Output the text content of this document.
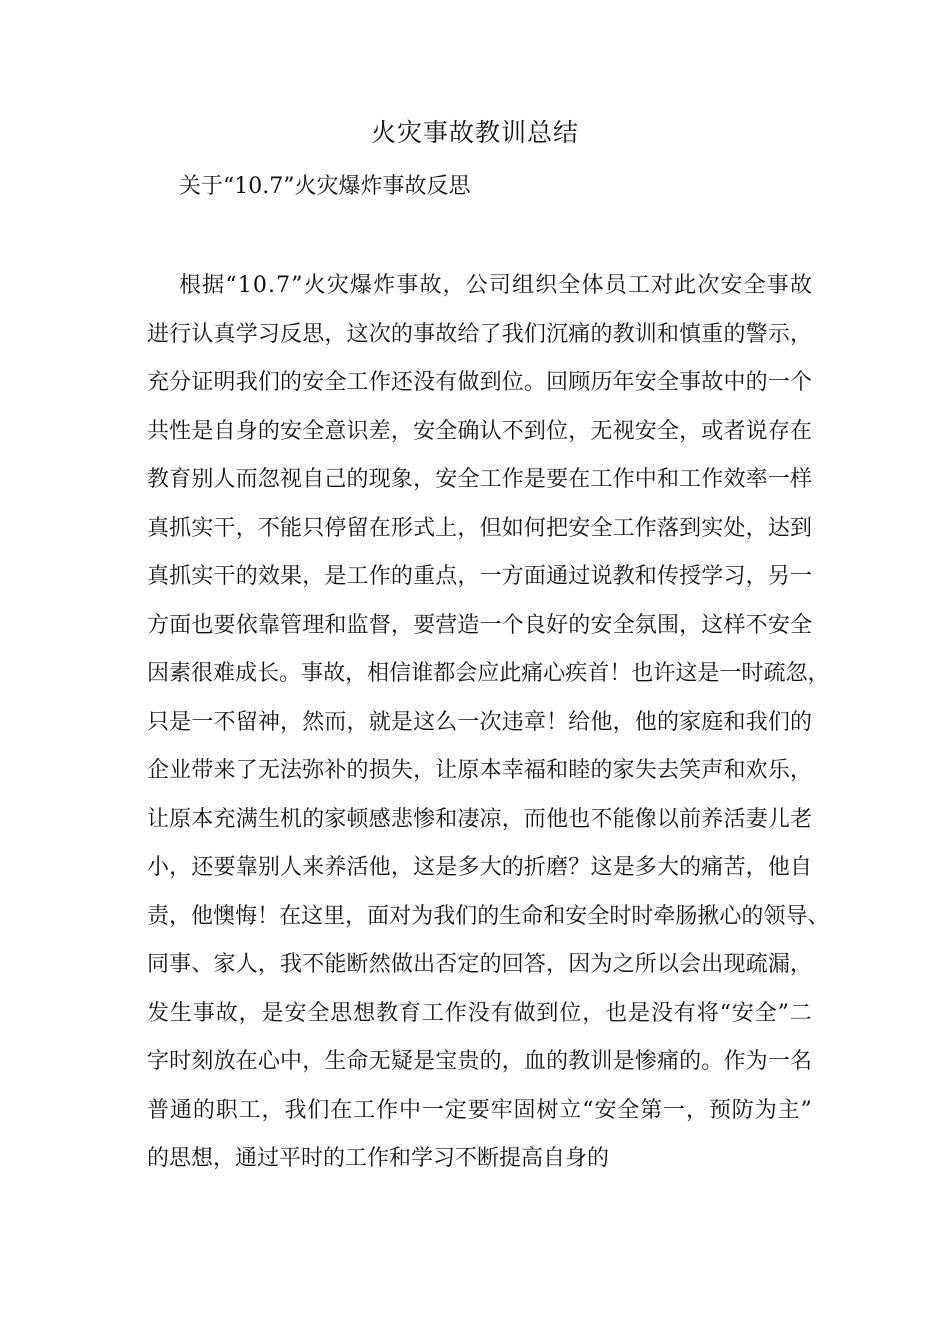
火灾事故教训总结
关于“10.7”火灾爆炸事故反思
根 据 “ 1 0 . 7 ” 火 灾 爆 炸 事 故 ， 公 司 组 织 全 体 员 工 对 此 次 安 全 事 故
进 行 认 真 学 习 反 思 ， 这 次 的 事 故 给 了 我 们 沉 痛 的 教 训 和 慎 重 的 警 示 ，
充 分 证 明 我 们 的 安 全 工 作 还 没 有 做 到 位 。 回 顾 历 年 安 全 事 故 中 的 一 个
共 性 是 自 身 的 安 全 意 识 差 ， 安 全 确 认 不 到 位 ， 无 视 安 全 ， 或 者 说 存 在
教 育 别 人 而 忽 视 自 己 的 现 象 ， 安 全 工 作 是 要 在 工 作 中 和 工 作 效 率 一 样
真 抓 实 干 ， 不 能 只 停 留 在 形 式 上 ， 但 如 何 把 安 全 工 作 落 到 实 处 ， 达 到
真 抓 实 干 的 效 果 ， 是 工 作 的 重 点 ， 一 方 面 通 过 说 教 和 传 授 学 习 ， 另 一
方 面 也 要 依 靠 管 理 和 监 督 ， 要 营 造 一 个 良 好 的 安 全 氛 围 ， 这 样 不 安 全
因 素 很 难 成 长 。 事 故 ， 相 信 谁 都 会 应 此 痛 心 疾 首 ！ 也 许 这 是 一 时 疏 忽 ，
只 是 一 不 留 神 ， 然 而 ， 就 是 这 么 一 次 违 章 ！ 给 他 ， 他 的 家 庭 和 我 们 的
企 业 带 来 了 无 法 弥 补 的 损 失 ， 让 原 本 幸 福 和 睦 的 家 失 去 笑 声 和 欢 乐 ，
让 原 本 充 满 生 机 的 家 顿 感 悲 惨 和 凄 凉 ， 而 他 也 不 能 像 以 前 养 活 妻 儿 老
小 ， 还 要 靠 别 人 来 养 活 他 ， 这 是 多 大 的 折 磨 ？ 这 是 多 大 的 痛 苦 ， 他 自
责 ， 他 懊 悔 ！ 在 这 里 ， 面 对 为 我 们 的 生 命 和 安 全 时 时 牵 肠 揪 心 的 领 导 、
同 事 、 家 人 ， 我 不 能 断 然 做 出 否 定 的 回 答 ， 因 为 之 所 以 会 出 现 疏 漏 ，
发 生 事 故 ， 是 安 全 思 想 教 育 工 作 没 有 做 到 位 ， 也 是 没 有 将 “ 安 全 ” 二
字 时 刻 放 在 心 中 ， 生 命 无 疑 是 宝 贵 的 ， 血 的 教 训 是 惨 痛 的 。 作 为 一 名
普 通 的 职 工 ， 我 们 在 工 作 中 一 定 要 牢 固 树 立 “ 安 全 第 一 ， 预 防 为 主 ”
的思想，通过平时的工作和学习不断提高自身的
